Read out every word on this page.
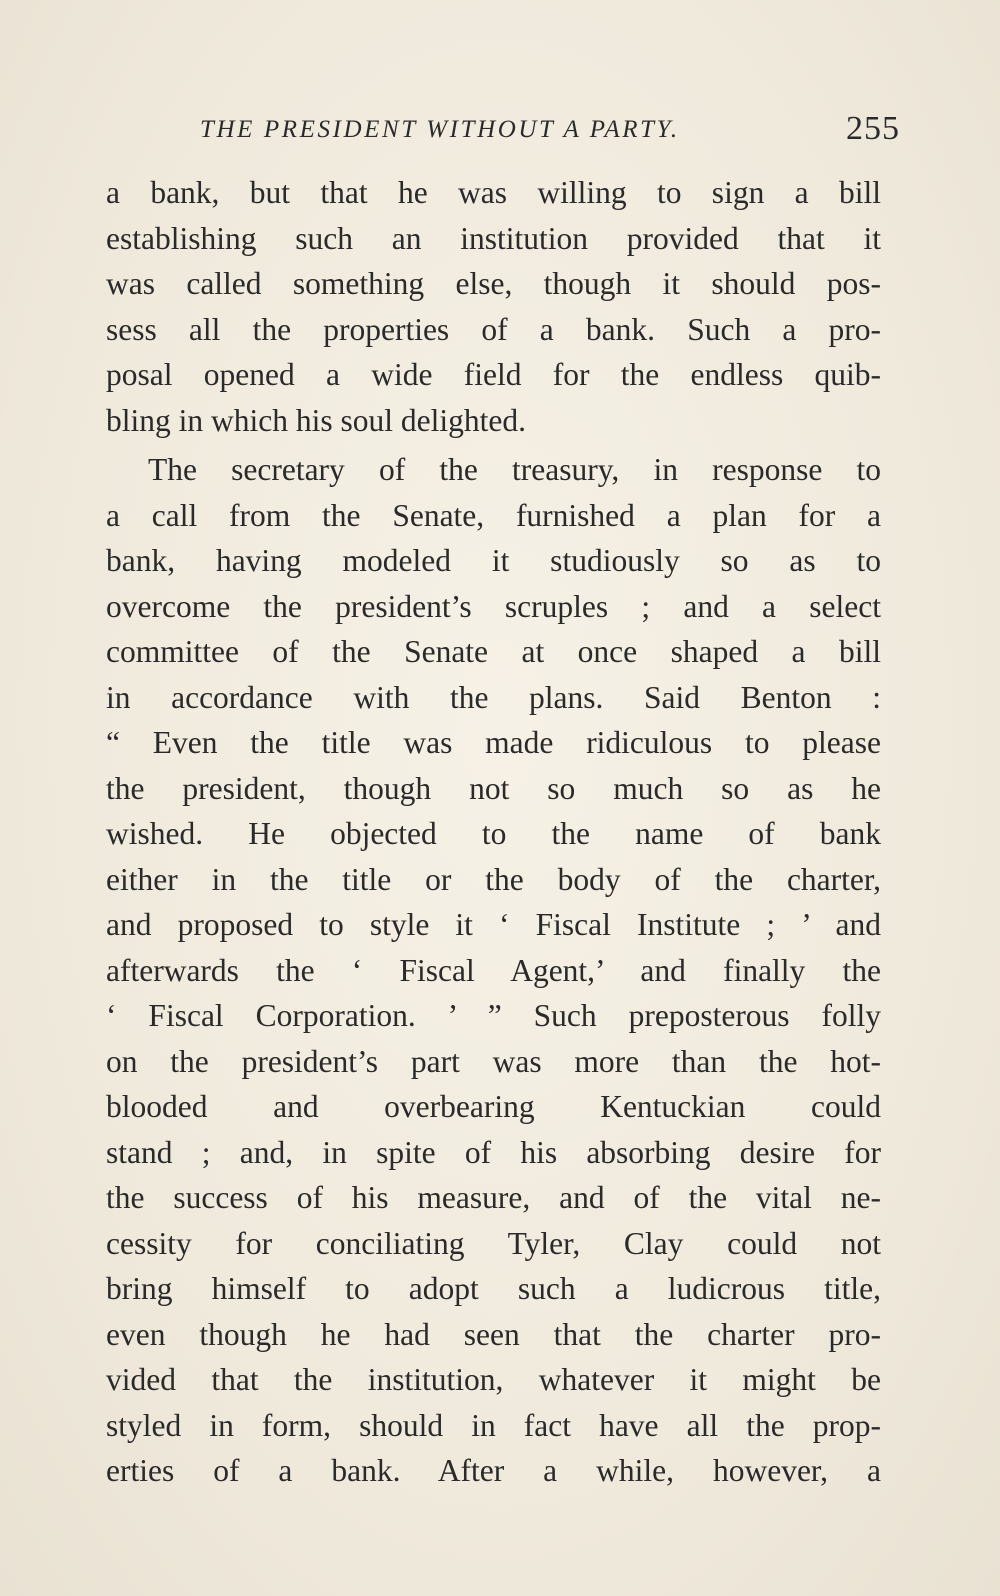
THE PRESIDENT WITHOUT A PARTY.	255
a bank, but that he was willing to sign a bill
establishing such an institution provided that it
was called something else, though it should pos-
sess all the properties of a bank. Such a pro-
posal opened a wide field for the endless quib-
bling in which his soul delighted.
The secretary of the treasury, in response to
a call from the Senate, furnished a plan for a
bank, having modeled it studiously so as to
overcome the president’s scruples ; and a select
committee of the Senate at once shaped a bill
in accordance with the plans. Said Benton :
“ Even the title was made ridiculous to please
the president, though not so much so as he
wished. He objected to the name of bank
either in the title or the body of the charter,
and proposed to style it ‘ Fiscal Institute ; ’ and
afterwards the ‘ Fiscal Agent,’ and finally the
‘ Fiscal Corporation. ’ ” Such preposterous folly
on the president’s part was more than the hot-
blooded and overbearing Kentuckian could
stand ; and, in spite of his absorbing desire for
the success of his measure, and of the vital ne-
cessity for conciliating Tyler, Clay could not
bring himself to adopt such a ludicrous title,
even though he had seen that the charter pro-
vided that the institution, whatever it might be
styled in form, should in fact have all the prop-
erties of a bank. After a while, however, a
